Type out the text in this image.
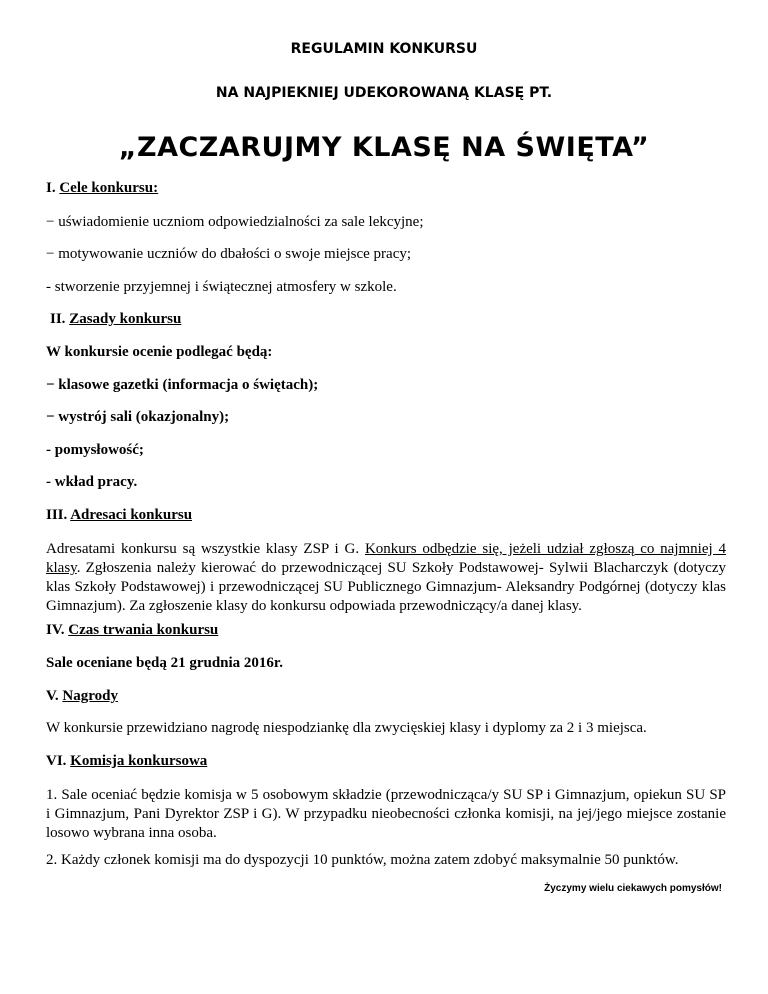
REGULAMIN KONKURSU
NA NAJPIEKNIEJ UDEKOROWANĄ KLASĘ PT.
„ZACZARUJMY KLASĘ NA ŚWIĘTA”
I. Cele konkursu:
− uświadomienie uczniom odpowiedzialności za sale lekcyjne;
− motywowanie uczniów do dbałości o swoje miejsce pracy;
- stworzenie przyjemnej i świątecznej atmosfery w szkole.
II. Zasady konkursu
W konkursie ocenie podlegać będą:
− klasowe gazetki (informacja o świętach);
− wystrój sali (okazjonalny);
- pomysłowość;
- wkład pracy.
III. Adresaci konkursu

Adresatami konkursu są wszystkie klasy ZSP i G. Konkurs odbędzie się, jeżeli udział zgłoszą co najmniej 4 klasy. Zgłoszenia należy kierować do przewodniczącej SU Szkoły Podstawowej- Sylwii Blacharczyk (dotyczy klas Szkoły Podstawowej) i przewodniczącej SU Publicznego Gimnazjum- Aleksandry Podgórnej (dotyczy klas Gimnazjum). Za zgłoszenie klasy do konkursu odpowiada przewodniczący/a danej klasy.

IV. Czas trwania konkursu
Sale oceniane będą 21 grudnia 2016r.
V. Nagrody
W konkursie przewidziano nagrodę niespodziankę dla zwycięskiej klasy i dyplomy za 2 i 3 miejsca.
VI. Komisja konkursowa

1. Sale oceniać będzie komisja w 5 osobowym składzie (przewodnicząca/y SU SP i Gimnazjum, opiekun SU SP i Gimnazjum, Pani Dyrektor ZSP i G). W przypadku nieobecności członka komisji, na jej/jego miejsce zostanie losowo wybrana inna osoba.

2. Każdy członek komisji ma do dyspozycji 10 punktów, można zatem zdobyć maksymalnie 50 punktów.
Życzymy wielu ciekawych pomysłów!
